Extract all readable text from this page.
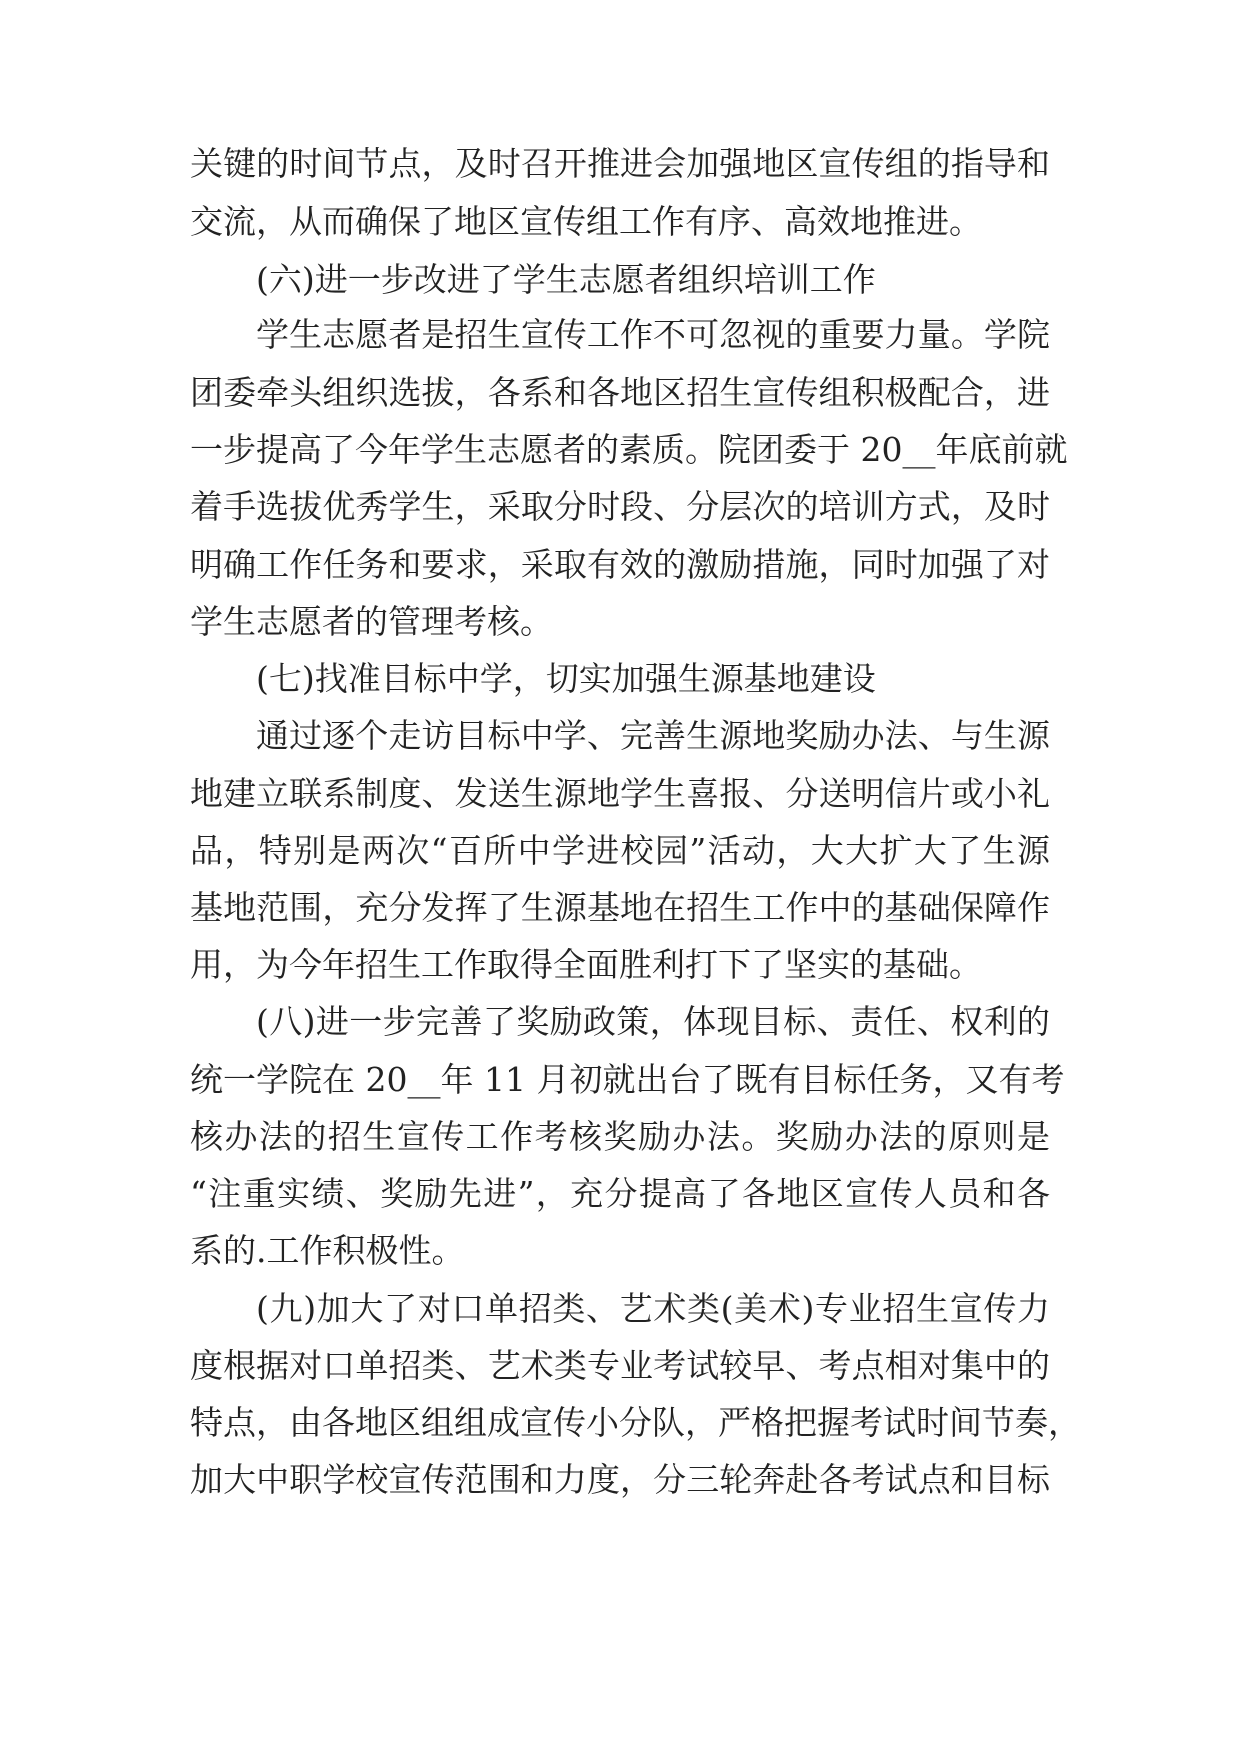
关键的时间节点，及时召开推进会加强地区宣传组的指导和
交流，从而确保了地区宣传组工作有序、高效地推进。
(六)进一步改进了学生志愿者组织培训工作
学生志愿者是招生宣传工作不可忽视的重要力量。学院
团委牵头组织选拔，各系和各地区招生宣传组积极配合，进
一步提高了今年学生志愿者的素质。院团委于 20__年底前就
着手选拔优秀学生，采取分时段、分层次的培训方式，及时
明确工作任务和要求，采取有效的激励措施，同时加强了对
学生志愿者的管理考核。
(七)找准目标中学，切实加强生源基地建设
通过逐个走访目标中学、完善生源地奖励办法、与生源
地建立联系制度、发送生源地学生喜报、分送明信片或小礼
品，特别是两次“百所中学进校园”活动，大大扩大了生源
基地范围，充分发挥了生源基地在招生工作中的基础保障作
用，为今年招生工作取得全面胜利打下了坚实的基础。
(八)进一步完善了奖励政策，体现目标、责任、权利的
统一学院在 20__年 11 月初就出台了既有目标任务，又有考
核办法的招生宣传工作考核奖励办法。奖励办法的原则是
“注重实绩、奖励先进”，充分提高了各地区宣传人员和各
系的.工作积极性。
(九)加大了对口单招类、艺术类(美术)专业招生宣传力
度根据对口单招类、艺术类专业考试较早、考点相对集中的
特点，由各地区组组成宣传小分队，严格把握考试时间节奏，
加大中职学校宣传范围和力度，分三轮奔赴各考试点和目标
